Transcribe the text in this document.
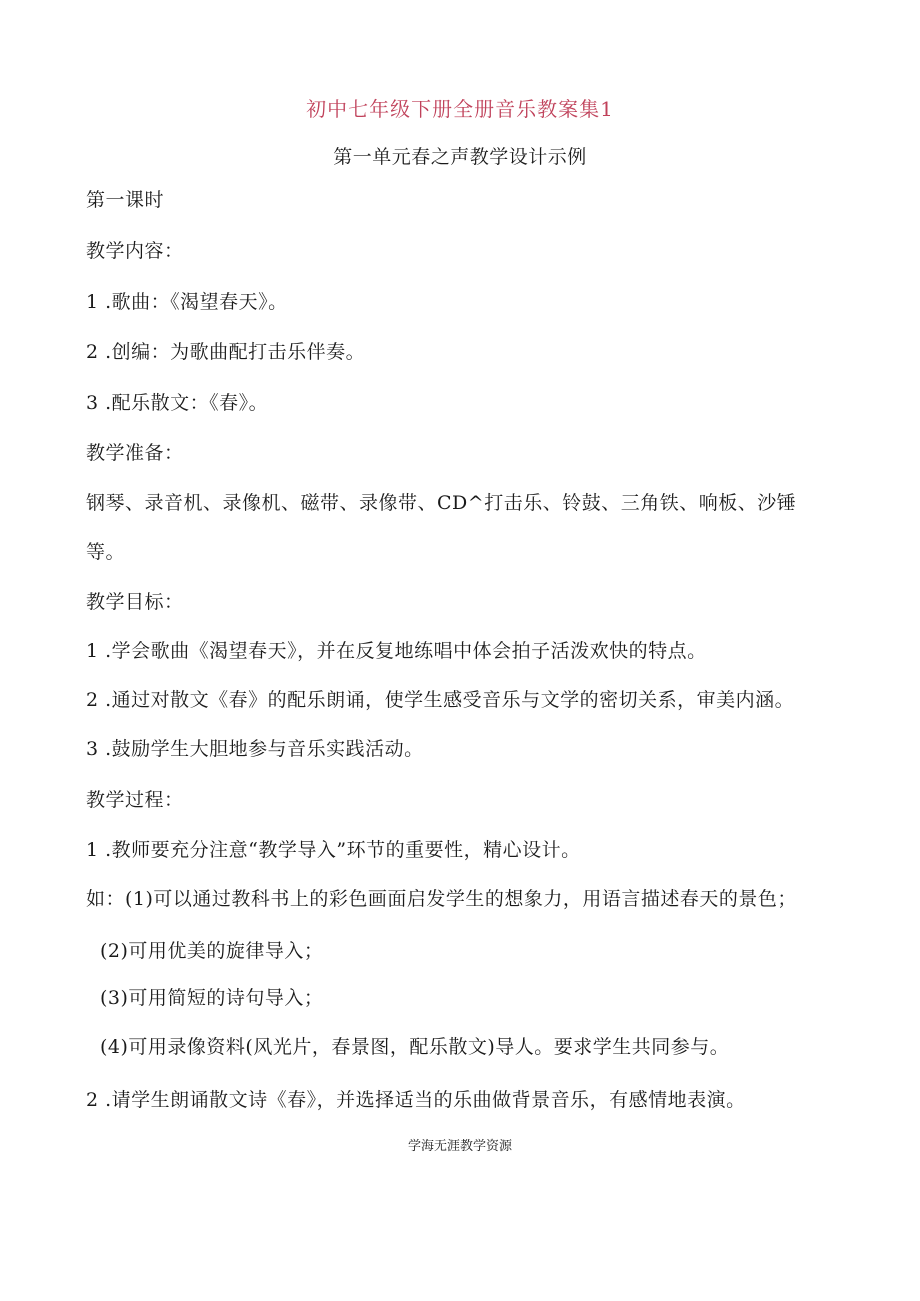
初中七年级下册全册音乐教案集1
第一单元春之声教学设计示例
第一课时
教学内容：
1 .歌曲：《渴望春天》。
2 .创编：为歌曲配打击乐伴奏。
3 .配乐散文：《春》。
教学准备：
钢琴、录音机、录像机、磁带、录像带、CD^打击乐、铃鼓、三角铁、响板、沙锤
等。
教学目标：
1 .学会歌曲《渴望春天》，并在反复地练唱中体会拍子活泼欢快的特点。
2 .通过对散文《春》的配乐朗诵，使学生感受音乐与文学的密切关系，审美内涵。
3 .鼓励学生大胆地参与音乐实践活动。
教学过程：
1 .教师要充分注意“教学导入”环节的重要性，精心设计。
如：(1)可以通过教科书上的彩色画面启发学生的想象力，用语言描述春天的景色；
(2)可用优美的旋律导入；
(3)可用简短的诗句导入；
(4)可用录像资料(风光片，春景图，配乐散文)导人。要求学生共同参与。
2 .请学生朗诵散文诗《春》，并选择适当的乐曲做背景音乐，有感情地表演。
学海无涯教学资源
